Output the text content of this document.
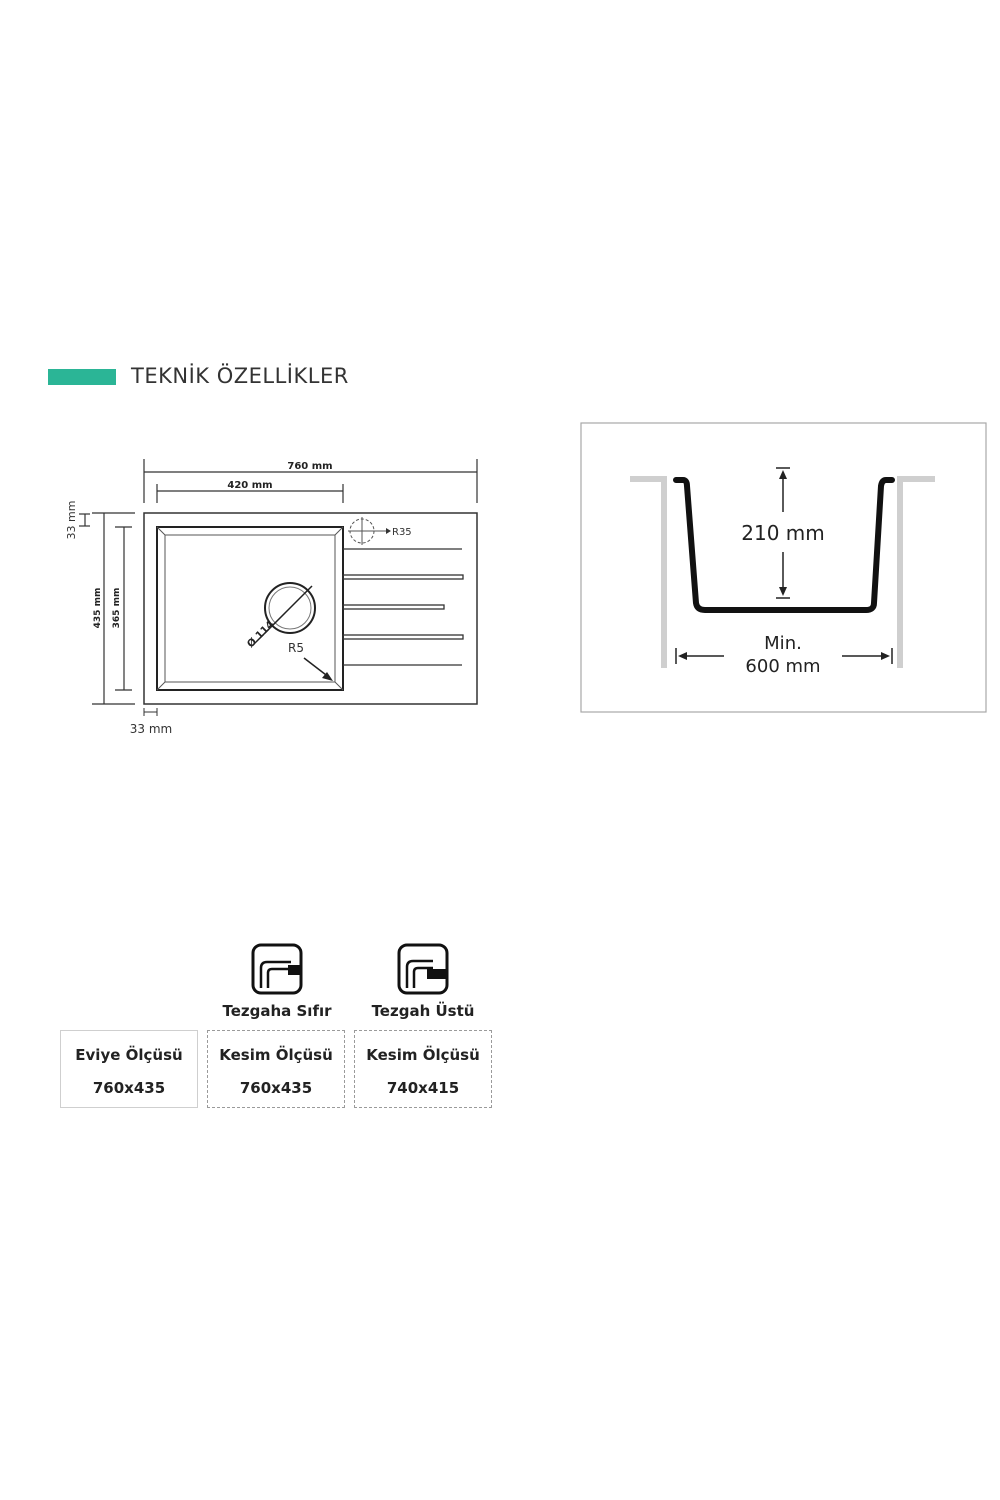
TEKNİK ÖZELLİKLER
760 mm
420 mm
33 mm
435 mm 365 mm
R35
Ø 114 R5
33 mm
210 mm
Min.
600 mm
Tezgaha Sıfır	Tezgah Üstü
Eviye Ölçüsü
760x435
Kesim Ölçüsü
760x435
Kesim Ölçüsü
740x415
